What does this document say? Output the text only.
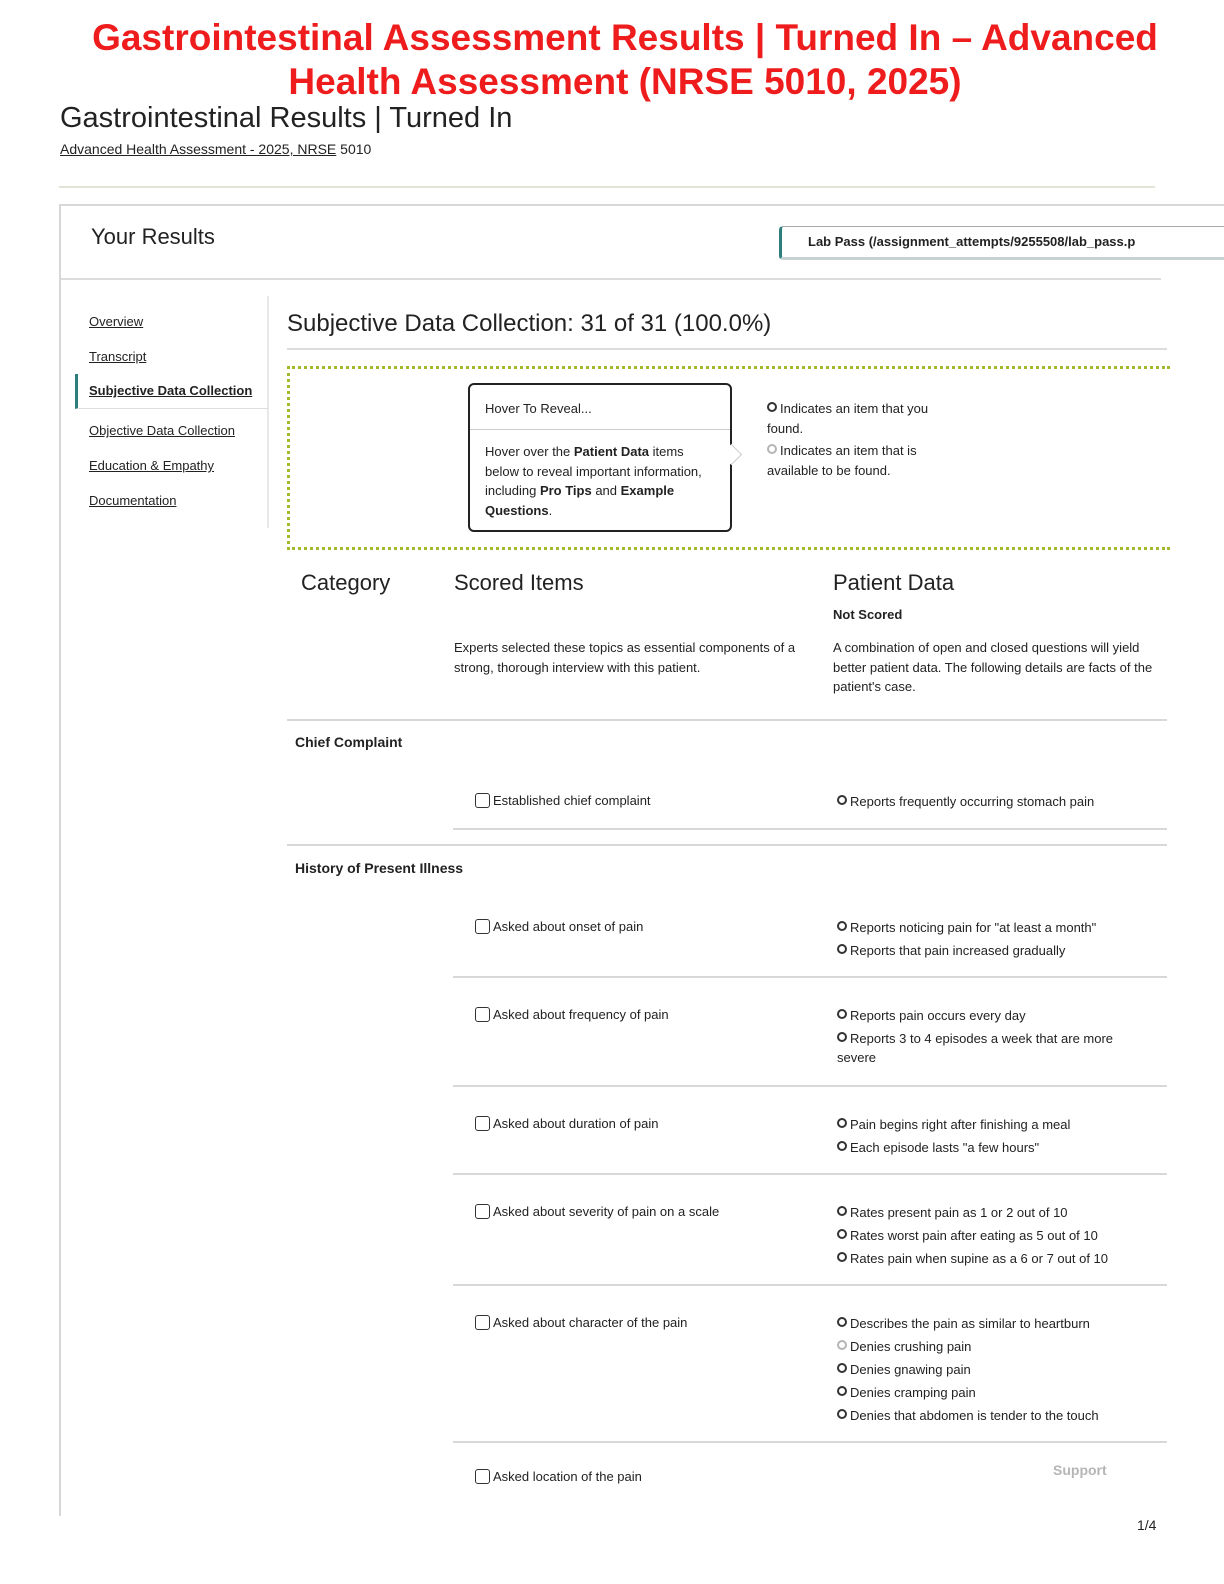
Gastrointestinal Assessment Results | Turned In – Advanced
Health Assessment (NRSE 5010, 2025)
Gastrointestinal Results | Turned In
Advanced Health Assessment - 2025, NRSE 5010
Your Results	Lab Pass (/assignment_attempts/9255508/lab_pass.p
Overview
Transcript
Subjective Data Collection
Objective Data Collection
Education & Empathy
Documentation
Subjective Data Collection: 31 of 31 (100.0%)
Hover To Reveal...
Hover over the Patient Data items below to reveal important information, including Pro Tips and Example Questions.
Indicates an item that you found.
Indicates an item that is available to be found.
Category	Scored Items	Patient Data
Not Scored
Experts selected these topics as essential components of a strong, thorough interview with this patient.
A combination of open and closed questions will yield better patient data. The following details are facts of the patient's case.
Chief Complaint
Established chief complaint	Reports frequently occurring stomach pain
History of Present Illness
Asked about onset of pain	Reports noticing pain for "at least a month"
Reports that pain increased gradually
Asked about frequency of pain	Reports pain occurs every day
Reports 3 to 4 episodes a week that are more severe
Asked about duration of pain	Pain begins right after finishing a meal
Each episode lasts "a few hours"
Asked about severity of pain on a scale	Rates present pain as 1 or 2 out of 10
Rates worst pain after eating as 5 out of 10
Rates pain when supine as a 6 or 7 out of 10
Asked about character of the pain	Describes the pain as similar to heartburn
Denies crushing pain
Denies gnawing pain
Denies cramping pain
Denies that abdomen is tender to the touch
Asked location of the pain	Support
1/4
